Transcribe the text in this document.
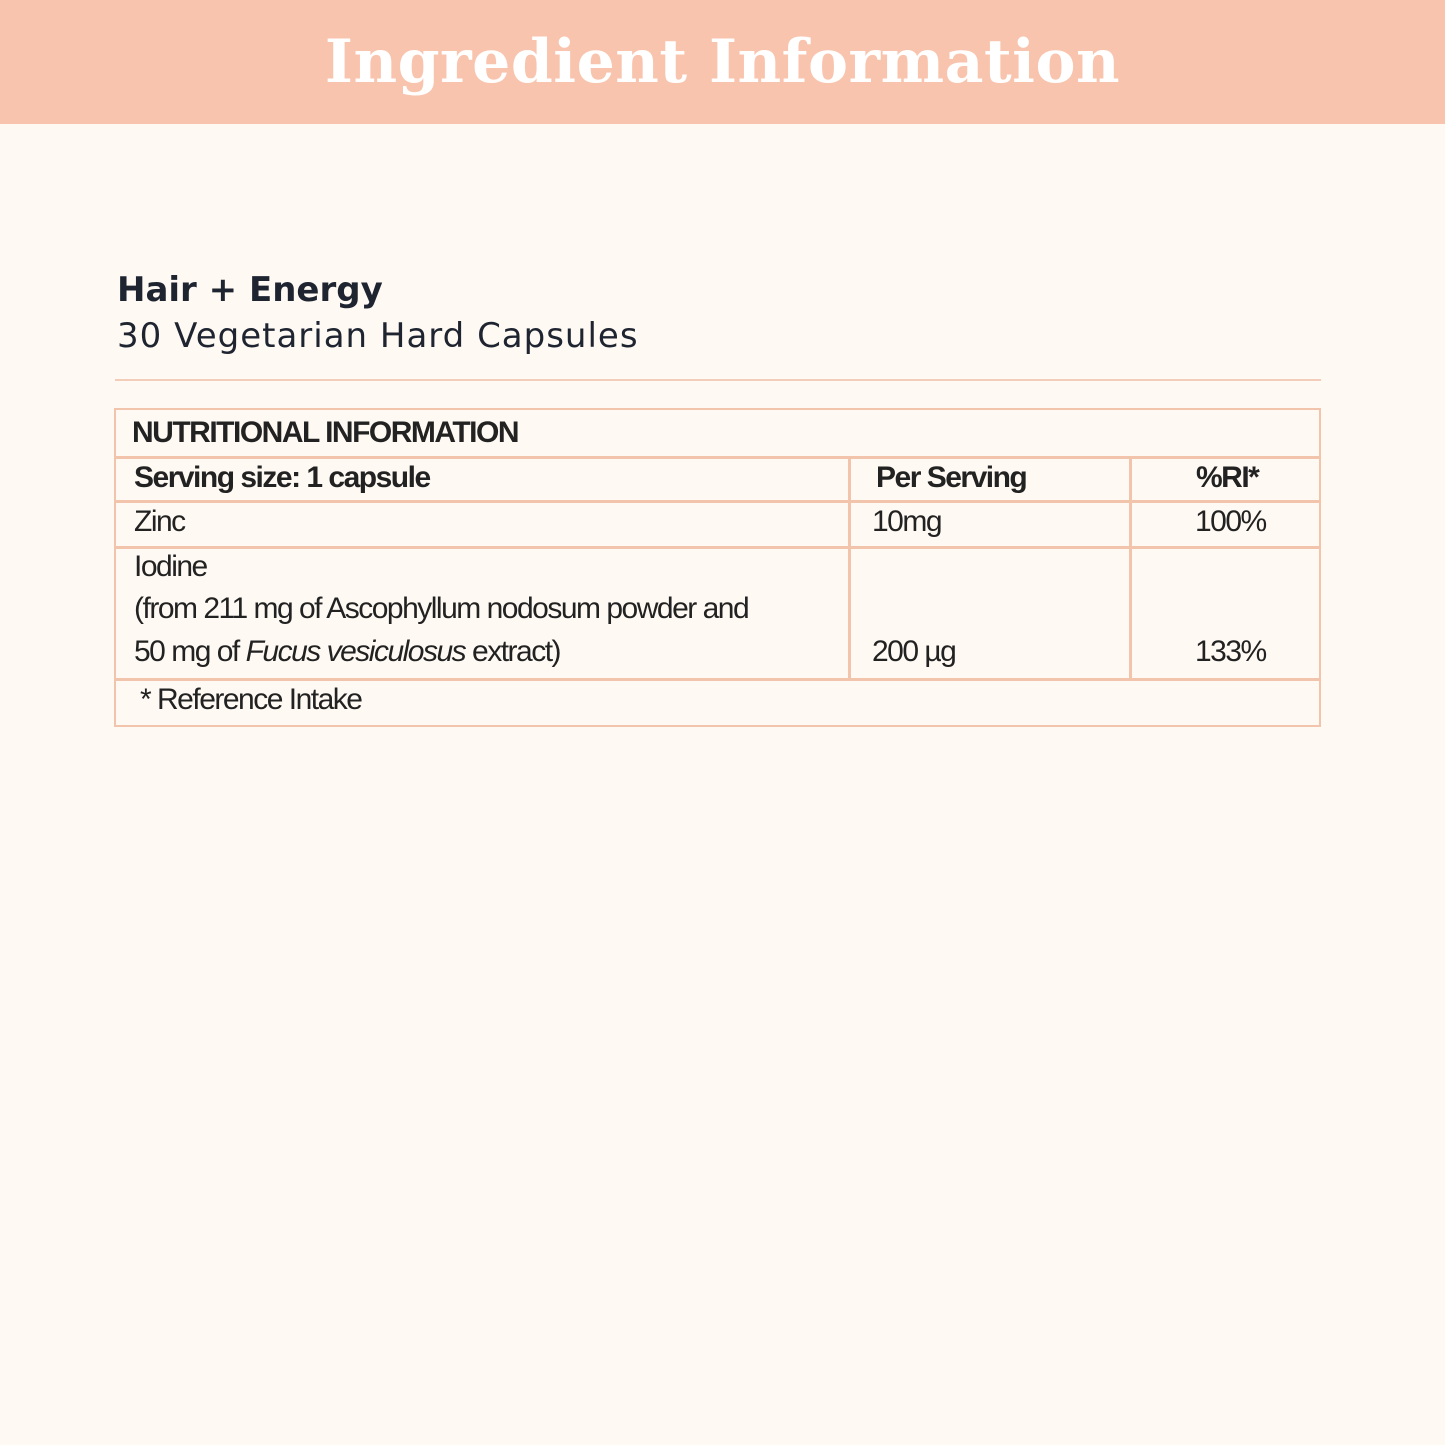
Ingredient Information
Hair + Energy
30 Vegetarian Hard Capsules
NUTRITIONAL INFORMATION
Serving size: 1 capsule	Per Serving	%RI*
Zinc	10mg	100%
Iodine
(from 211 mg of Ascophyllum nodosum powder and
50 mg of Fucus vesiculosus extract)	200 µg	133%
* Reference Intake
